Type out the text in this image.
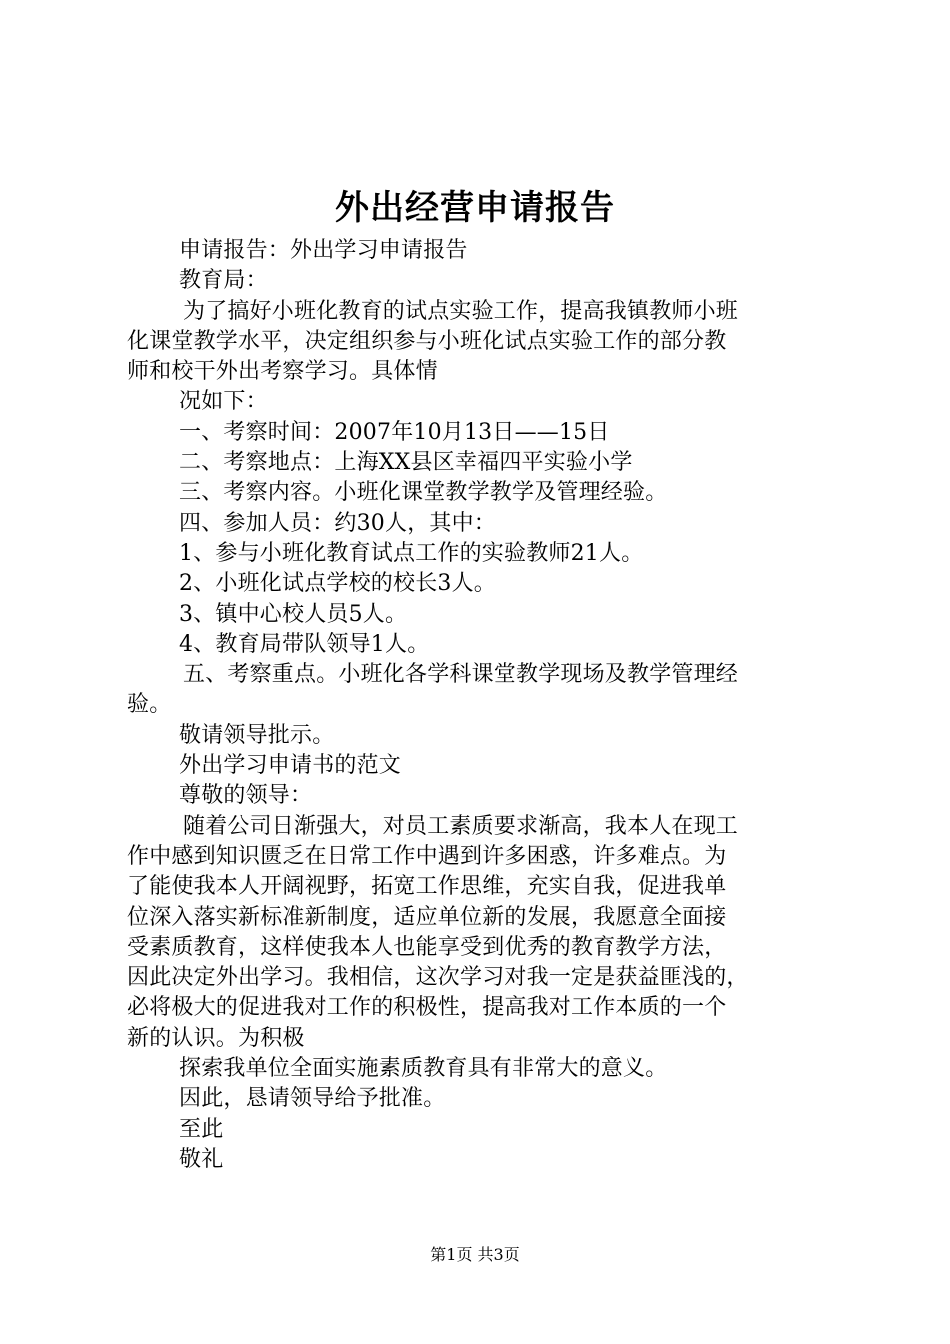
外出经营申请报告
申请报告：外出学习申请报告
教育局：
为了搞好小班化教育的试点实验工作，提高我镇教师小班
化课堂教学水平，决定组织参与小班化试点实验工作的部分教
师和校干外出考察学习。具体情
况如下：
一、考察时间：2007年10月13日——15日
二、考察地点：上海XX县区幸福四平实验小学
三、考察内容。小班化课堂教学教学及管理经验。
四、参加人员：约30人，其中：
1、参与小班化教育试点工作的实验教师21人。
2、小班化试点学校的校长3人。
3、镇中心校人员5人。
4、教育局带队领导1人。
五、考察重点。小班化各学科课堂教学现场及教学管理经
验。
敬请领导批示。
外出学习申请书的范文
尊敬的领导：
随着公司日渐强大，对员工素质要求渐高，我本人在现工
作中感到知识匮乏在日常工作中遇到许多困惑，许多难点。为
了能使我本人开阔视野，拓宽工作思维，充实自我，促进我单
位深入落实新标准新制度，适应单位新的发展，我愿意全面接
受素质教育，这样使我本人也能享受到优秀的教育教学方法，
因此决定外出学习。我相信，这次学习对我一定是获益匪浅的，
必将极大的促进我对工作的积极性，提高我对工作本质的一个
新的认识。为积极
探索我单位全面实施素质教育具有非常大的意义。
因此，恳请领导给予批准。
至此
敬礼
第1页 共3页
